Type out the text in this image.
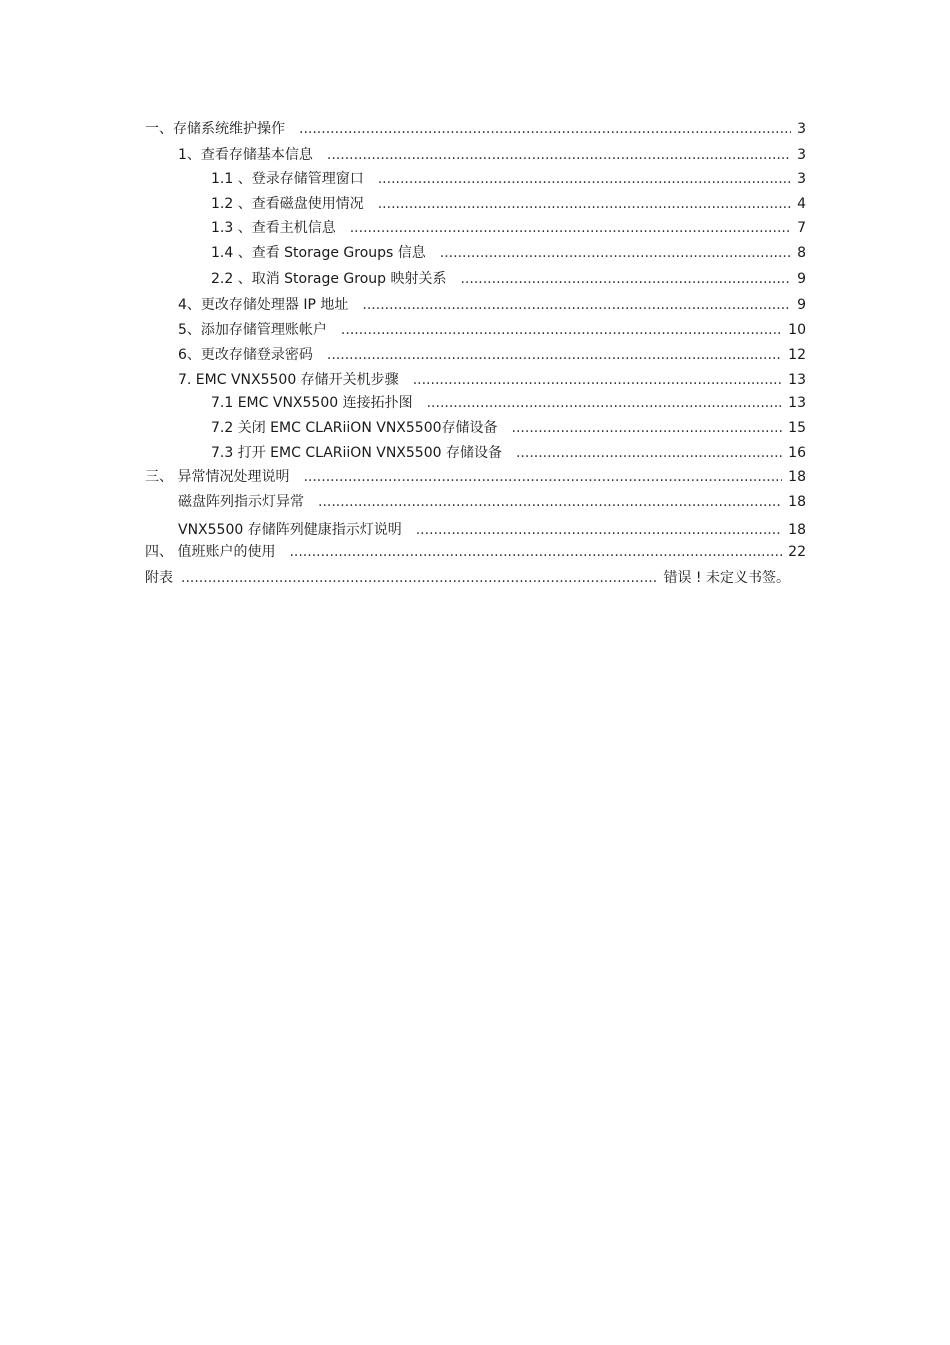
一、存储系统维护操作 .....	3
1、查看存储基本信息 .....	3
1.1 、登录存储管理窗口 .....	3
1.2 、查看磁盘使用情况 .....	4
1.3 、查看主机信息 .....	7
1.4 、查看 Storage Groups 信息 .....	8
2.2 、取消 Storage Group 映射关系 .....	9
4、更改存储处理器 IP 地址 .....	9
5、添加存储管理账帐户 .....	10
6、更改存储登录密码 .....	12
7. EMC VNX5500 存储开关机步骤 .....	13
7.1 EMC VNX5500 连接拓扑图 .....	13
7.2 关闭 EMC CLARiiON VNX5500存储设备 .....	15
7.3 打开 EMC CLARiiON VNX5500 存储设备 .....	16
三、 异常情况处理说明 .....	18
磁盘阵列指示灯异常 .....	18
VNX5500 存储阵列健康指示灯说明 .....	18
四、 值班账户的使用 .....	22
附表 .....	错误 ! 未定义书签。
